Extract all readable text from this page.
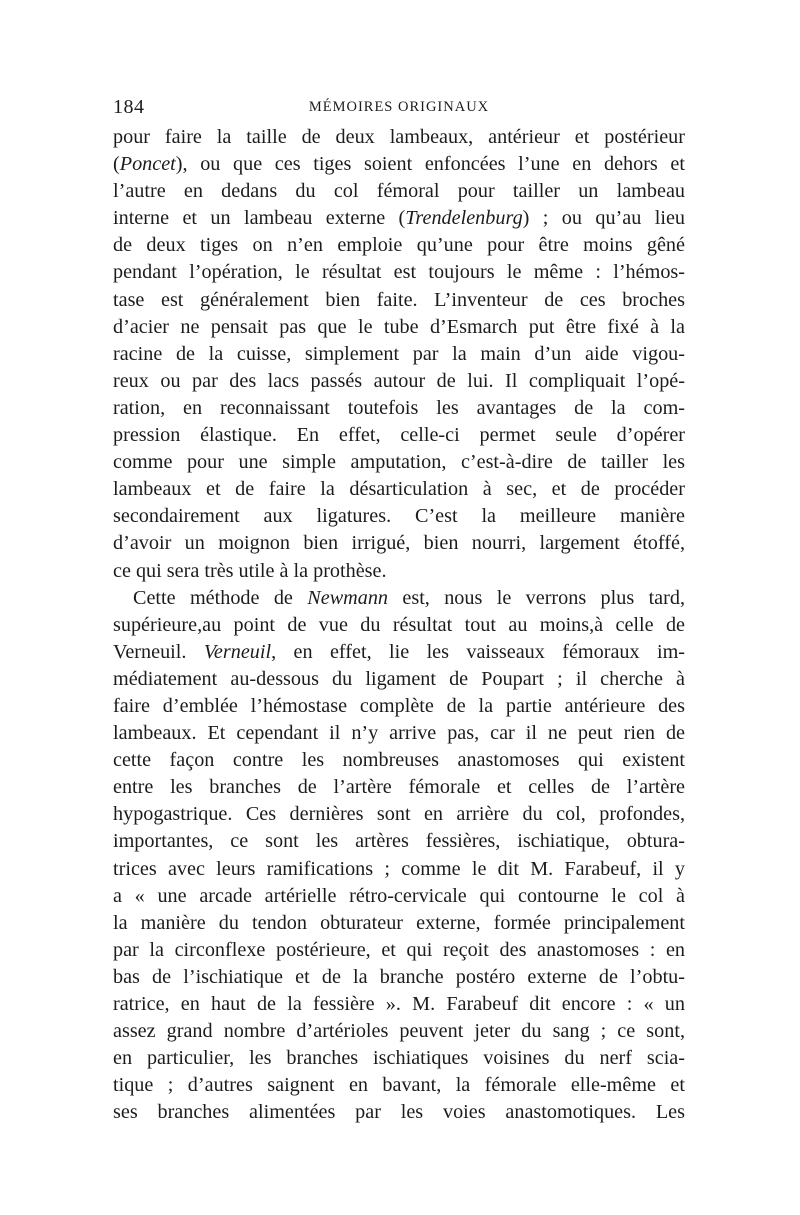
184	MÉMOIRES ORIGINAUX
pour faire la taille de deux lambeaux, antérieur et postérieur
(Poncet), ou que ces tiges soient enfoncées l’une en dehors et
l’autre en dedans du col fémoral pour tailler un lambeau
interne et un lambeau externe (Trendelenburg) ; ou qu’au lieu
de deux tiges on n’en emploie qu’une pour être moins gêné
pendant l’opération, le résultat est toujours le même : l’hémos-
tase est généralement bien faite. L’inventeur de ces broches
d’acier ne pensait pas que le tube d’Esmarch put être fixé à la
racine de la cuisse, simplement par la main d’un aide vigou-
reux ou par des lacs passés autour de lui. Il compliquait l’opé-
ration, en reconnaissant toutefois les avantages de la com-
pression élastique. En effet, celle-ci permet seule d’opérer
comme pour une simple amputation, c’est-à-dire de tailler les
lambeaux et de faire la désarticulation à sec, et de procéder
secondairement aux ligatures. C’est la meilleure manière
d’avoir un moignon bien irrigué, bien nourri, largement étoffé,
ce qui sera très utile à la prothèse.
Cette méthode de Newmann est, nous le verrons plus tard,
supérieure,au point de vue du résultat tout au moins,à celle de
Verneuil. Verneuil, en effet, lie les vaisseaux fémoraux im-
médiatement au-dessous du ligament de Poupart ; il cherche à
faire d’emblée l’hémostase complète de la partie antérieure des
lambeaux. Et cependant il n’y arrive pas, car il ne peut rien de
cette façon contre les nombreuses anastomoses qui existent
entre les branches de l’artère fémorale et celles de l’artère
hypogastrique. Ces dernières sont en arrière du col, profondes,
importantes, ce sont les artères fessières, ischiatique, obtura-
trices avec leurs ramifications ; comme le dit M. Farabeuf, il y
a « une arcade artérielle rétro-cervicale qui contourne le col à
la manière du tendon obturateur externe, formée principalement
par la circonflexe postérieure, et qui reçoit des anastomoses : en
bas de l’ischiatique et de la branche postéro externe de l’obtu-
ratrice, en haut de la fessière ». M. Farabeuf dit encore : « un
assez grand nombre d’artérioles peuvent jeter du sang ; ce sont,
en particulier, les branches ischiatiques voisines du nerf scia-
tique ; d’autres saignent en bavant, la fémorale elle-même et
ses branches alimentées par les voies anastomotiques. Les
